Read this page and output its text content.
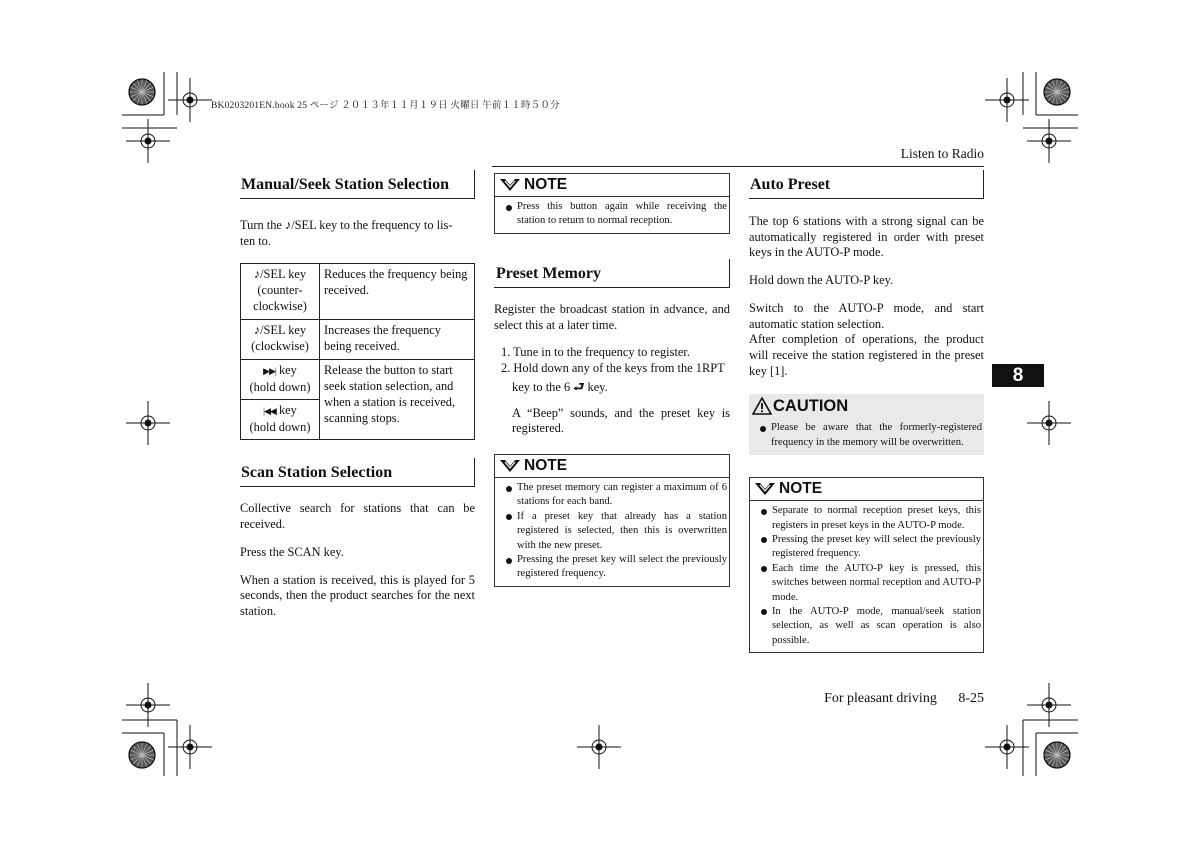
BK0203201EN.book 25 ページ ２０１３年１１月１９日 火曜日 午前１１時５０分
Listen to Radio
8
Manual/Seek Station Selection
Turn the ♪/SEL key to the frequency to lis-
ten to.
♪/SEL key
(counter-
clockwise)	Reduces the frequency being received.
♪/SEL key
(clockwise)	Increases the frequency being received.
▶▶| key
(hold down)	Release the button to start seek station selection, and when a station is received, scanning stops.
|◀◀ key
(hold down)	
Scan Station Selection
Collective search for stations that can be received.
Press the SCAN key.
When a station is received, this is played for 5 seconds, then the product searches for the next station.
NOTE
Press this button again while receiving the station to return to normal reception.
Preset Memory
Register the broadcast station in advance, and select this at a later time.
1. Tune in to the frequency to register.
2. Hold down any of the keys from the 1RPT
key to the 6 ⮐ key.
A “Beep” sounds, and the preset key is registered.
NOTE
The preset memory can register a maximum of 6 stations for each band.
If a preset key that already has a station registered is selected, then this is overwritten with the new preset.
Pressing the preset key will select the previously registered frequency.
Auto Preset
The top 6 stations with a strong signal can be automatically registered in order with preset keys in the AUTO-P mode.
Hold down the AUTO-P key.
Switch to the AUTO-P mode, and start automatic station selection.
After completion of operations, the product will receive the station registered in the preset key [1].
CAUTION
Please be aware that the formerly-registered frequency in the memory will be overwritten.
NOTE
Separate to normal reception preset keys, this registers in preset keys in the AUTO-P mode.
Pressing the preset key will select the previously registered frequency.
Each time the AUTO-P key is pressed, this switches between normal reception and AUTO-P mode.
In the AUTO-P mode, manual/seek station selection, as well as scan operation is also possible.
For pleasant driving 8-25
